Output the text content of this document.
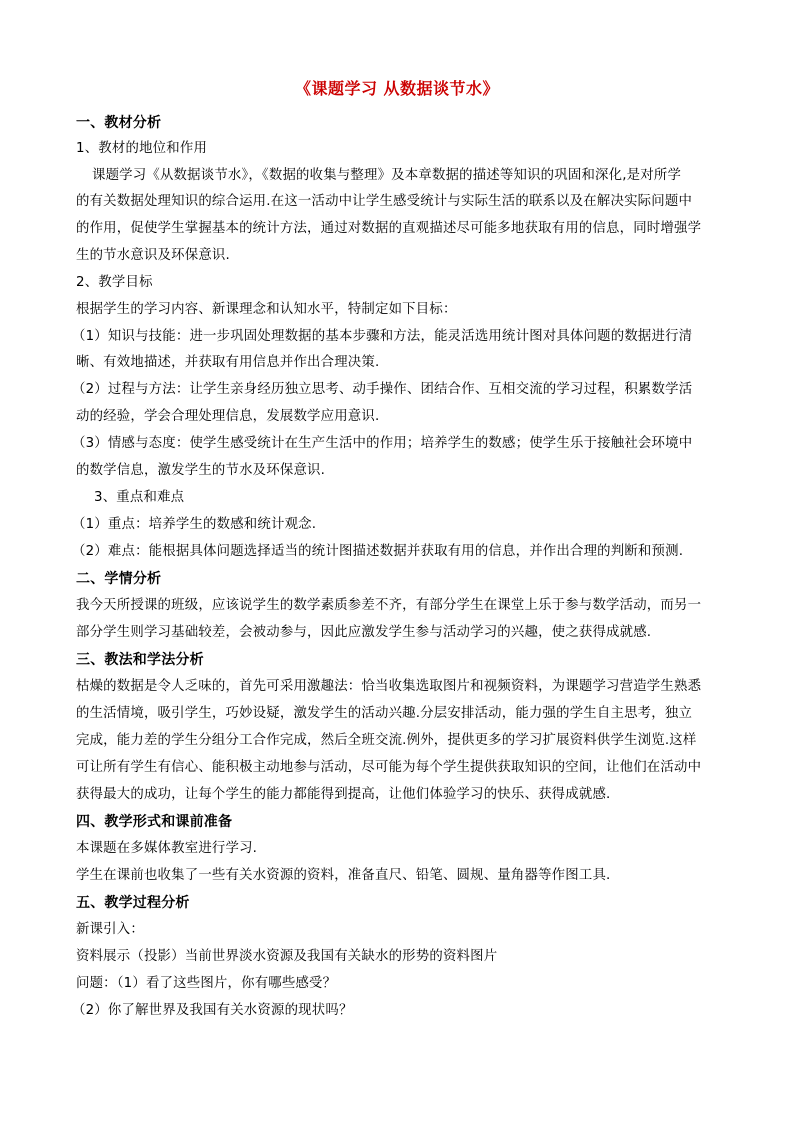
《课题学习 从数据谈节水》
一、教材分析
1、教材的地位和作用
课题学习《从数据谈节水》，《数据的收集与整理》及本章数据的描述等知识的巩固和深化,是对所学
的有关数据处理知识的综合运用.在这一活动中让学生感受统计与实际生活的联系以及在解决实际问题中
的作用，促使学生掌握基本的统计方法，通过对数据的直观描述尽可能多地获取有用的信息，同时增强学
生的节水意识及环保意识.
2、教学目标
根据学生的学习内容、新课理念和认知水平，特制定如下目标：
（1）知识与技能：进一步巩固处理数据的基本步骤和方法，能灵活选用统计图对具体问题的数据进行清
晰、有效地描述，并获取有用信息并作出合理决策.
（2）过程与方法：让学生亲身经历独立思考、动手操作、团结合作、互相交流的学习过程，积累数学活
动的经验，学会合理处理信息，发展数学应用意识.
（3）情感与态度：使学生感受统计在生产生活中的作用；培养学生的数感；使学生乐于接触社会环境中
的数学信息，激发学生的节水及环保意识.
3、重点和难点
（1）重点：培养学生的数感和统计观念.
（2）难点：能根据具体问题选择适当的统计图描述数据并获取有用的信息，并作出合理的判断和预测.
二、学情分析
我今天所授课的班级，应该说学生的数学素质参差不齐，有部分学生在课堂上乐于参与数学活动，而另一
部分学生则学习基础较差，会被动参与，因此应激发学生参与活动学习的兴趣，使之获得成就感.
三、教法和学法分析
枯燥的数据是令人乏味的，首先可采用激趣法：恰当收集选取图片和视频资料，为课题学习营造学生熟悉
的生活情境，吸引学生，巧妙设疑，激发学生的活动兴趣.分层安排活动，能力强的学生自主思考，独立
完成，能力差的学生分组分工合作完成，然后全班交流.例外，提供更多的学习扩展资料供学生浏览.这样
可让所有学生有信心、能积极主动地参与活动，尽可能为每个学生提供获取知识的空间，让他们在活动中
获得最大的成功，让每个学生的能力都能得到提高，让他们体验学习的快乐、获得成就感.
四、教学形式和课前准备
本课题在多媒体教室进行学习.
学生在课前也收集了一些有关水资源的资料，准备直尺、铅笔、圆规、量角器等作图工具.
五、教学过程分析
新课引入：
资料展示（投影）当前世界淡水资源及我国有关缺水的形势的资料图片
问题：（1）看了这些图片，你有哪些感受？
（2）你了解世界及我国有关水资源的现状吗？
